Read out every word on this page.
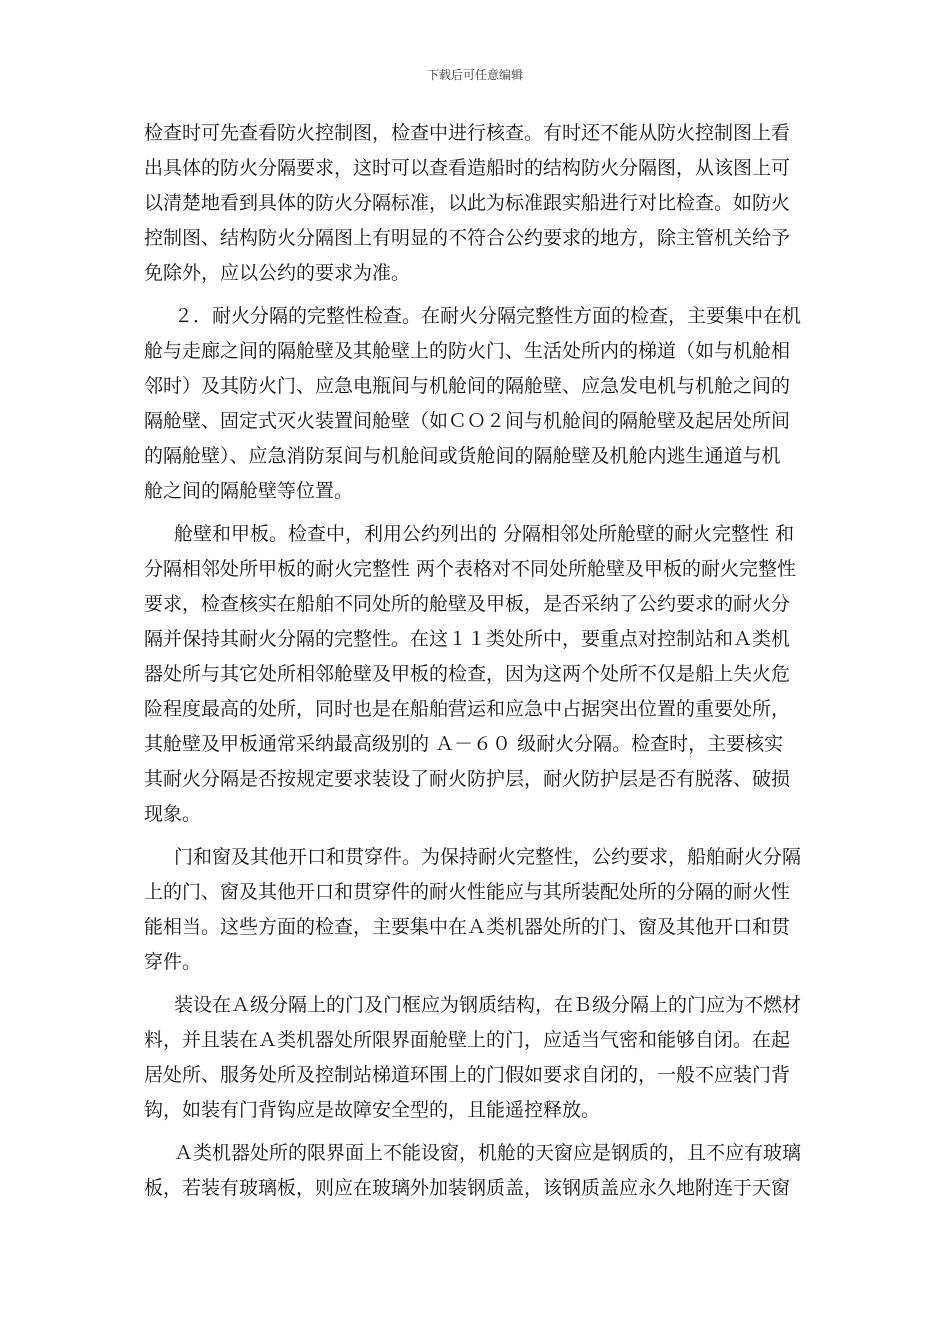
下载后可任意编辑
检查时可先查看防火控制图，检查中进行核查。有时还不能从防火控制图上看
出具体的防火分隔要求，这时可以查看造船时的结构防火分隔图，从该图上可
以清楚地看到具体的防火分隔标准，以此为标准跟实船进行对比检查。如防火
控制图、结构防火分隔图上有明显的不符合公约要求的地方，除主管机关给予
免除外，应以公约的要求为准。
２．耐火分隔的完整性检查。在耐火分隔完整性方面的检查，主要集中在机
舱与走廊之间的隔舱壁及其舱壁上的防火门、生活处所内的梯道（如与机舱相
邻时）及其防火门、应急电瓶间与机舱间的隔舱壁、应急发电机与机舱之间的
隔舱壁、固定式灭火装置间舱壁（如ＣＯ２间与机舱间的隔舱壁及起居处所间
的隔舱壁）、应急消防泵间与机舱间或货舱间的隔舱壁及机舱内逃生通道与机
舱之间的隔舱壁等位置。
舱壁和甲板。检查中，利用公约列出的 分隔相邻处所舱壁的耐火完整性 和
分隔相邻处所甲板的耐火完整性 两个表格对不同处所舱壁及甲板的耐火完整性
要求，检查核实在船舶不同处所的舱壁及甲板，是否采纳了公约要求的耐火分
隔并保持其耐火分隔的完整性。在这１１类处所中，要重点对控制站和Ａ类机
器处所与其它处所相邻舱壁及甲板的检查，因为这两个处所不仅是船上失火危
险程度最高的处所，同时也是在船舶营运和应急中占据突出位置的重要处所，
其舱壁及甲板通常采纳最高级别的 Ａ－６０ 级耐火分隔。检查时，主要核实
其耐火分隔是否按规定要求装设了耐火防护层，耐火防护层是否有脱落、破损
现象。
门和窗及其他开口和贯穿件。为保持耐火完整性，公约要求，船舶耐火分隔
上的门、窗及其他开口和贯穿件的耐火性能应与其所装配处所的分隔的耐火性
能相当。这些方面的检查，主要集中在Ａ类机器处所的门、窗及其他开口和贯
穿件。
装设在Ａ级分隔上的门及门框应为钢质结构，在Ｂ级分隔上的门应为不燃材
料，并且装在Ａ类机器处所限界面舱壁上的门，应适当气密和能够自闭。在起
居处所、服务处所及控制站梯道环围上的门假如要求自闭的，一般不应装门背
钩，如装有门背钩应是故障安全型的，且能遥控释放。
Ａ类机器处所的限界面上不能设窗，机舱的天窗应是钢质的，且不应有玻璃
板，若装有玻璃板，则应在玻璃外加装钢质盖，该钢质盖应永久地附连于天窗
